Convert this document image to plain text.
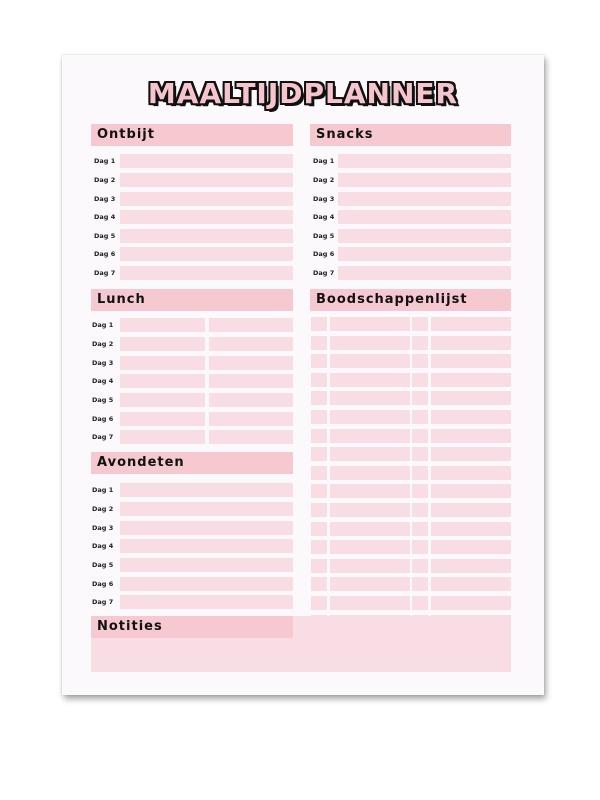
MAALTIJDPLANNER
Ontbijt	Snacks
Lunch	Boodschappenlijst
Avondeten
Notities
Dag 1
Dag 2
Dag 3
Dag 4
Dag 5
Dag 6
Dag 7
Dag 1
Dag 2
Dag 3
Dag 4
Dag 5
Dag 6
Dag 7
Dag 1
Dag 2
Dag 3
Dag 4
Dag 5
Dag 6
Dag 7
Dag 1
Dag 2
Dag 3
Dag 4
Dag 5
Dag 6
Dag 7
